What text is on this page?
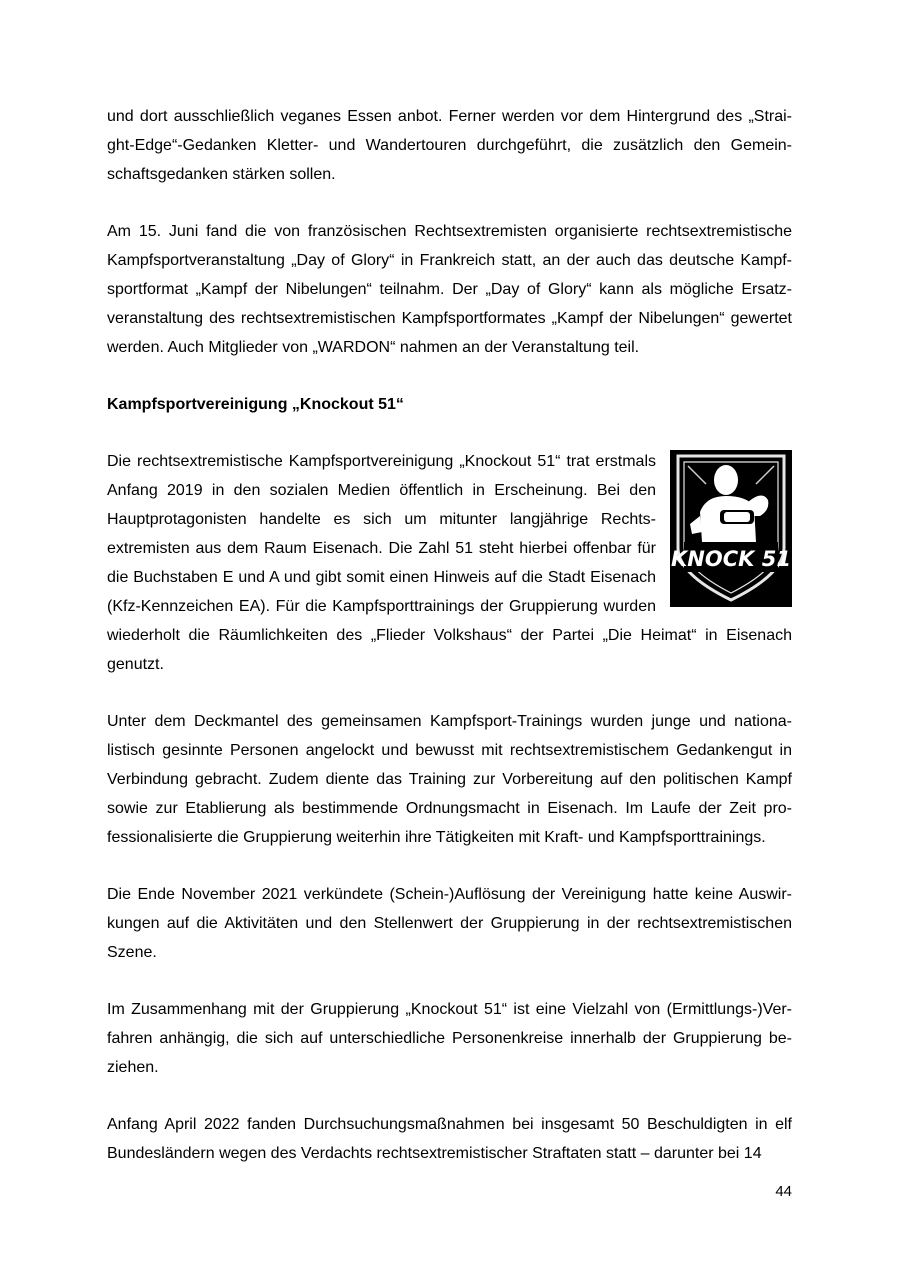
und dort ausschließlich veganes Essen anbot. Ferner werden vor dem Hintergrund des „Straight-Edge“-Gedanken Kletter- und Wandertouren durchgeführt, die zusätzlich den Gemeinschaftsgedanken stärken sollen.

Am 15. Juni fand die von französischen Rechtsextremisten organisierte rechtsextremistische Kampfsportveranstaltung „Day of Glory“ in Frankreich statt, an der auch das deutsche Kampfsportformat „Kampf der Nibelungen“ teilnahm. Der „Day of Glory“ kann als mögliche Ersatzveranstaltung des rechtsextremistischen Kampfsportformates „Kampf der Nibelungen“ gewertet werden. Auch Mitglieder von „WARDON“ nahmen an der Veranstaltung teil.

Kampfsportvereinigung „Knockout 51“

KNOCK 51
Die rechtsextremistische Kampfsportvereinigung „Knockout 51“ trat erstmals Anfang 2019 in den sozialen Medien öffentlich in Erscheinung. Bei den Hauptprotagonisten handelte es sich um mitunter langjährige Rechtsextremisten aus dem Raum Eisenach. Die Zahl 51 steht hierbei offenbar für die Buchstaben E und A und gibt somit einen Hinweis auf die Stadt Eisenach (Kfz-Kennzeichen EA). Für die Kampfsporttrainings der Gruppierung wurden wiederholt die Räumlichkeiten des „Flieder Volkshaus“ der Partei „Die Heimat“ in Eisenach genutzt.

Unter dem Deckmantel des gemeinsamen Kampfsport-Trainings wurden junge und nationalistisch gesinnte Personen angelockt und bewusst mit rechtsextremistischem Gedankengut in Verbindung gebracht. Zudem diente das Training zur Vorbereitung auf den politischen Kampf sowie zur Etablierung als bestimmende Ordnungsmacht in Eisenach. Im Laufe der Zeit professionalisierte die Gruppierung weiterhin ihre Tätigkeiten mit Kraft- und Kampfsporttrainings.

Die Ende November 2021 verkündete (Schein-)Auflösung der Vereinigung hatte keine Auswirkungen auf die Aktivitäten und den Stellenwert der Gruppierung in der rechtsextremistischen Szene.

Im Zusammenhang mit der Gruppierung „Knockout 51“ ist eine Vielzahl von (Ermittlungs-)Verfahren anhängig, die sich auf unterschiedliche Personenkreise innerhalb der Gruppierung beziehen.

Anfang April 2022 fanden Durchsuchungsmaßnahmen bei insgesamt 50 Beschuldigten in elf Bundesländern wegen des Verdachts rechtsextremistischer Straftaten statt – darunter bei 14

44
